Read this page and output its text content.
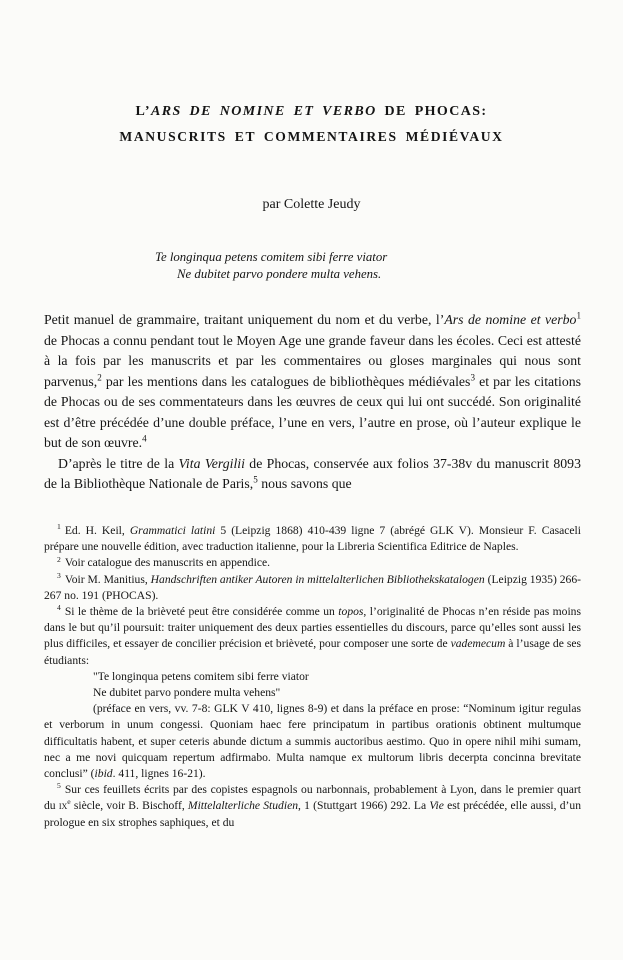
L’ARS DE NOMINE ET VERBO DE PHOCAS:
MANUSCRITS ET COMMENTAIRES MÉDIÉVAUX
par Colette Jeudy
Te longinqua petens comitem sibi ferre viator
Ne dubitet parvo pondere multa vehens.

Petit manuel de grammaire, traitant uniquement du nom et du verbe, l’Ars de nomine et verbo$^1$ de Phocas a connu pendant tout le Moyen Age une grande faveur dans les écoles. Ceci est attesté à la fois par les manuscrits et par les commentaires ou gloses marginales qui nous sont parvenus,$^2$ par les mentions dans les catalogues de bibliothèques médiévales$^3$ et par les citations de Phocas ou de ses commentateurs dans les œuvres de ceux qui lui ont succédé. Son originalité est d’être précédée d’une double préface, l’une en vers, l’autre en prose, où l’auteur explique le but de son œuvre.$^4$

D’après le titre de la Vita Vergilii de Phocas, conservée aux folios 37-38v du manuscrit 8093 de la Bibliothèque Nationale de Paris,$^5$ nous savons que

$^1$ Ed. H. Keil, Grammatici latini 5 (Leipzig 1868) 410-439 ligne 7 (abrégé GLK V). Monsieur F. Casaceli prépare une nouvelle édition, avec traduction italienne, pour la Libreria Scientifica Editrice de Naples.

$^2$ Voir catalogue des manuscrits en appendice.

$^3$ Voir M. Manitius, Handschriften antiker Autoren in mittelalterlichen Bibliothekskatalogen (Leipzig 1935) 266-267 no. 191 (PHOCAS).

$^4$ Si le thème de la brièveté peut être considérée comme un topos, l’originalité de Phocas n’en réside pas moins dans le but qu’il poursuit: traiter uniquement des deux parties essentielles du discours, parce qu’elles sont aussi les plus difficiles, et essayer de concilier précision et brièveté, pour composer une sorte de vademecum à l’usage de ses étudiants:

"Te longinqua petens comitem sibi ferre viator
Ne dubitet parvo pondere multa vehens"

(préface en vers, vv. 7-8: GLK V 410, lignes 8-9) et dans la préface en prose: “Nominum igitur regulas et verborum in unum congessi. Quoniam haec fere principatum in partibus orationis obtinent multumque difficultatis habent, et super ceteris abunde dictum a summis auctoribus aestimo. Quo in opere nihil mihi sumam, nec a me novi quicquam repertum adfirmabo. Multa namque ex multorum libris decerpta concinna brevitate conclusi” (ibid. 411, lignes 16-21).

$^5$ Sur ces feuillets écrits par des copistes espagnols ou narbonnais, probablement à Lyon, dans le premier quart du $ix^e$ siècle, voir B. Bischoff, Mittelalterliche Studien, 1 (Stuttgart 1966) 292. La Vie est précédée, elle aussi, d’un prologue en six strophes saphiques, et du
